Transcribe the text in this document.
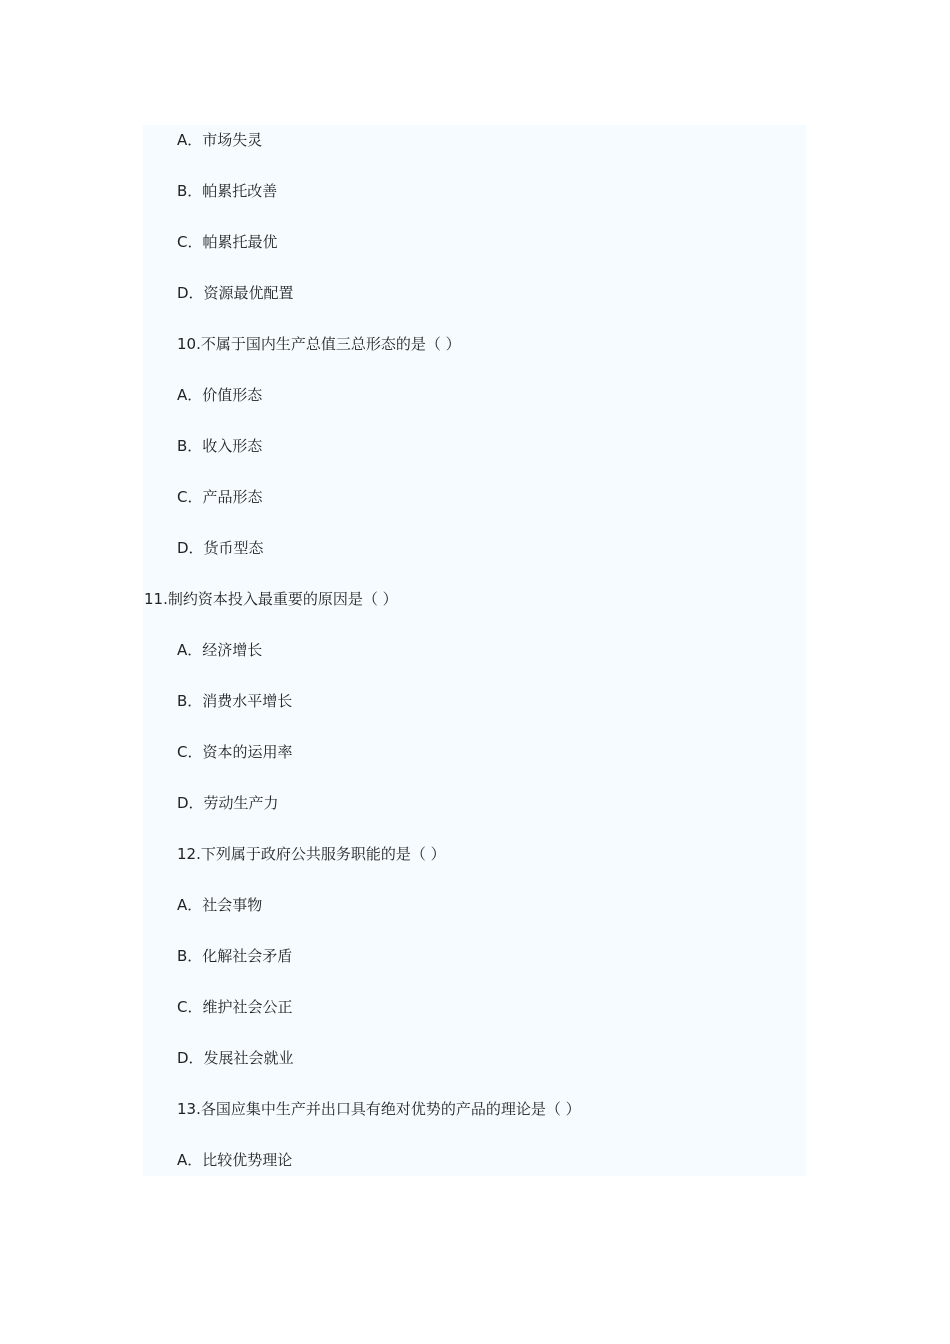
A．市场失灵
B．帕累托改善
C．帕累托最优
D．资源最优配置
10.不属于国内生产总值三总形态的是（ ）
A．价值形态
B．收入形态
C．产品形态
D．货币型态
11.制约资本投入最重要的原因是（ ）
A．经济增长
B．消费水平增长
C．资本的运用率
D．劳动生产力
12.下列属于政府公共服务职能的是（ ）
A．社会事物
B．化解社会矛盾
C．维护社会公正
D．发展社会就业
13.各国应集中生产并出口具有绝对优势的产品的理论是（ ）
A．比较优势理论
